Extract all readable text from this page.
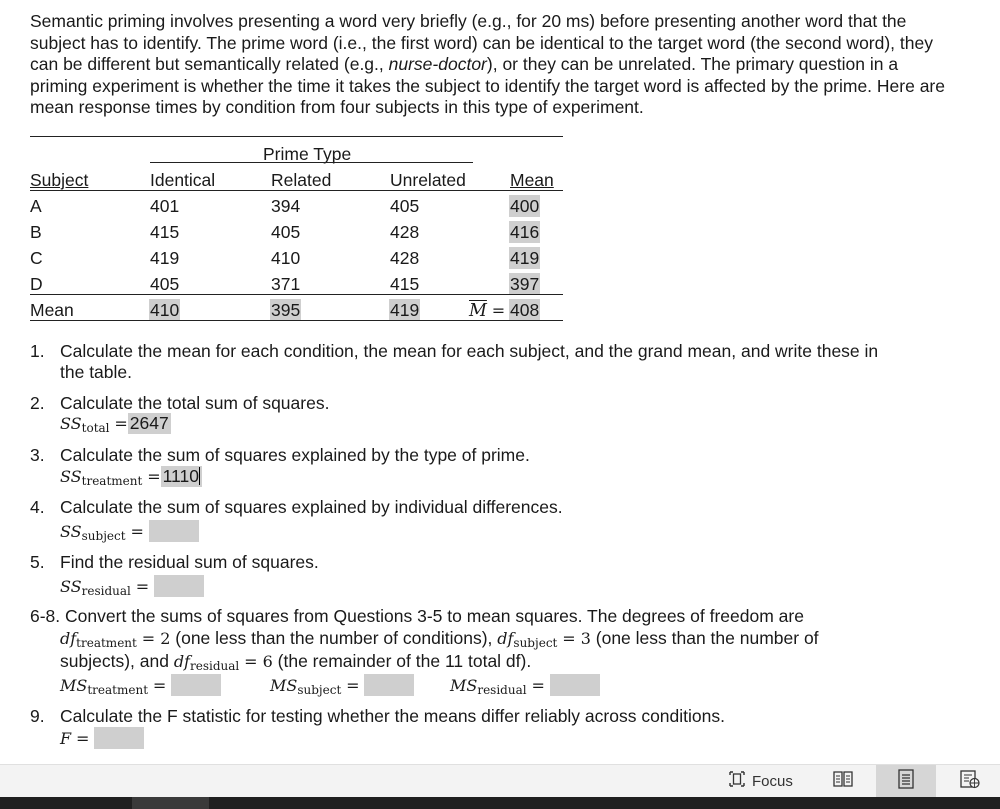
Semantic priming involves presenting a word very briefly (e.g., for 20 ms) before presenting another word that the subject has to identify. The prime word (i.e., the first word) can be identical to the target word (the second word), they can be different but semantically related (e.g., nurse-doctor), or they can be unrelated. The primary question in a priming experiment is whether the time it takes the subject to identify the target word is affected by the prime. Here are mean response times by condition from four subjects in this type of experiment.

Prime Type
Subject	Identical	Related	Unrelated	Mean
A	401	394	405	400
B	415	405	428	416
C	419	410	428	419
D	405	371	415	397
Mean	410	395	419	$\overline{M} = 408$
1. Calculate the mean for each condition, the mean for each subject, and the grand mean, and write these in
the table.
2. Calculate the total sum of squares.
$SS_{total} = 2647$
3. Calculate the sum of squares explained by the type of prime.
$SS_{treatment} = 1110$
4. Calculate the sum of squares explained by individual differences.
$SS_{subject}$ =
5. Find the residual sum of squares.
$SS_{residual}$ =
6-8. Convert the sums of squares from Questions 3-5 to mean squares. The degrees of freedom are
$df_{treatment} = 2$ (one less than the number of conditions), $df_{subject} = 3$ (one less than the number of
subjects), and $df_{residual} = 6$ (the remainder of the 11 total df).
$MS_{treatment}$ =	$MS_{subject}$ =	$MS_{residual}$ =
9. Calculate the F statistic for testing whether the means differ reliably across conditions.
F =
Focus
